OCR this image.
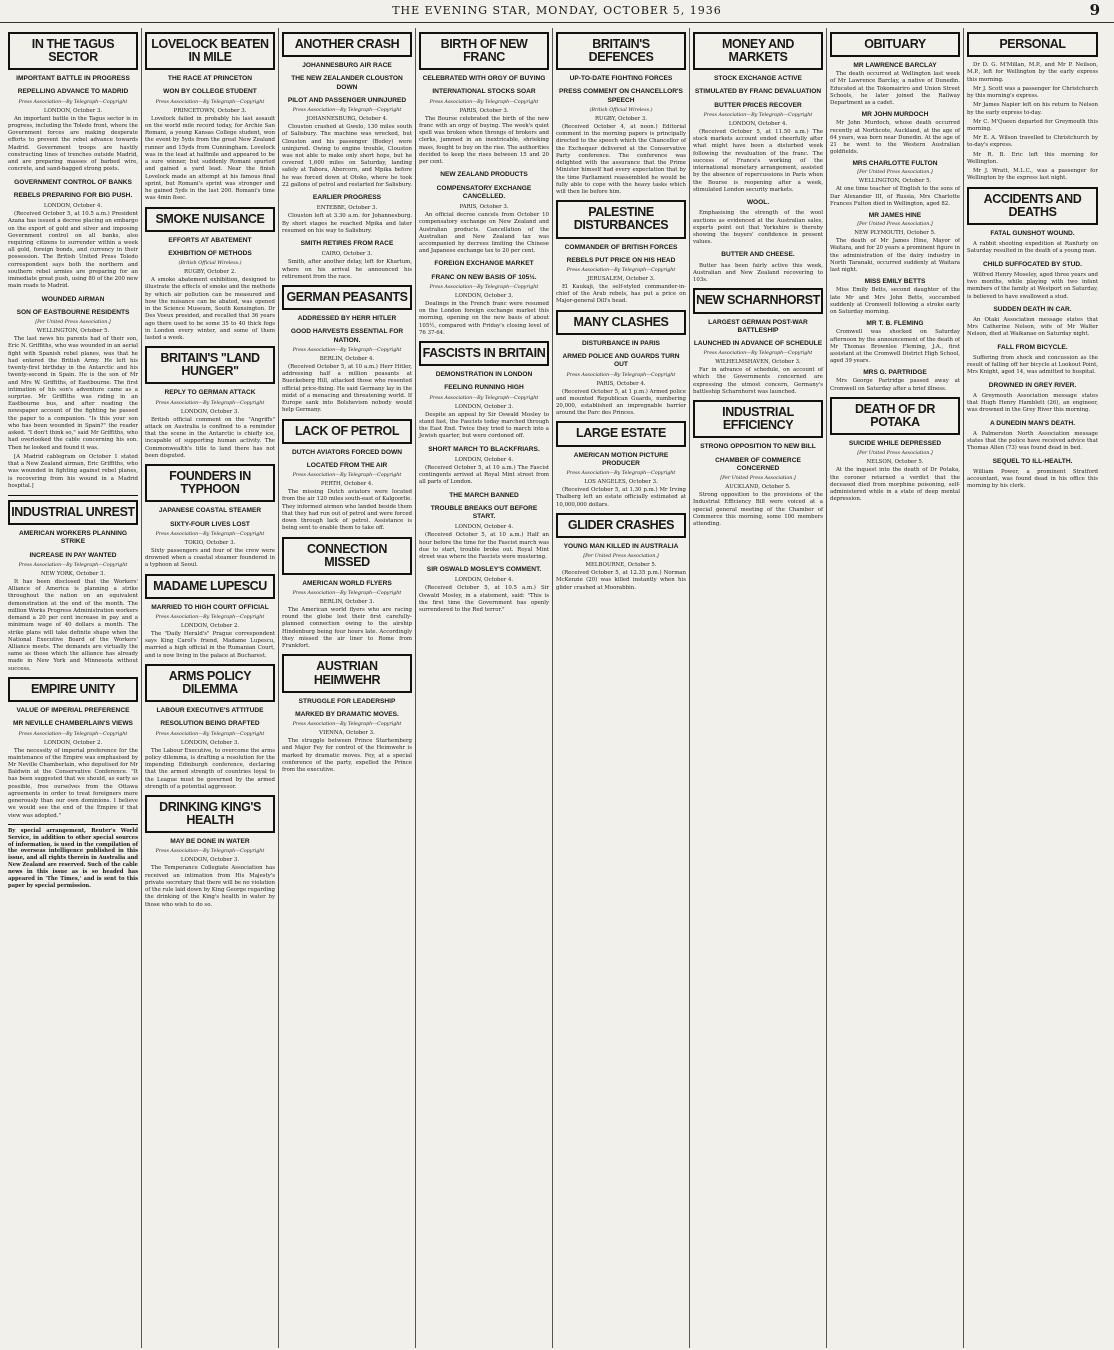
THE EVENING STAR, MONDAY, OCTOBER 5, 1936	9
IN THE TAGUS SECTOR
IMPORTANT BATTLE IN PROGRESS
REPELLING ADVANCE TO MADRID
Press Association—By Telegraph—Copyright
LONDON, October 3.

An important battle in the Tagus sector is in progress, including the Toledo front, where the Government forces are making desperate efforts to prevent the rebel advance towards Madrid. Government troops are hastily constructing lines of trenches outside Madrid, and are preparing masses of barbed wire, concrete, and sand-bagged strong posts.

GOVERNMENT CONTROL OF BANKS
REBELS PREPARING FOR BIG PUSH.
LONDON, October 4.

(Received October 5, at 10.5 a.m.) President Azana has issued a decree placing an embargo on the export of gold and silver and imposing Government control on all banks, also requiring citizens to surrender within a week all gold, foreign bonds, and currency in their possession. The British United Press Toledo correspondent says both the northern and southern rebel armies are preparing for an immediate great push, using 80 of the 200 new main roads to Madrid.

WOUNDED AIRMAN
SON OF EASTBOURNE RESIDENTS
[Per United Press Association.]
WELLINGTON, October 5.

The last news his parents had of their son, Eric N. Griffiths, who was wounded in an aerial fight with Spanish rebel planes, was that he had entered the British Army. He left his twenty-first birthday in the Antarctic and his twenty-second in Spain. He is the son of Mr and Mrs W. Griffiths, of Eastbourne. The first intimation of his son's adventure came as a surprise. Mr Griffiths was riding in an Eastbourne bus, and after reading the newspaper account of the fighting he passed the paper to a companion. "Is this your son who has been wounded in Spain?" the reader asked. "I don't think so," said Mr Griffiths, who had overlooked the cable concerning his son. Then he looked and found it was.

[A Madrid cablegram on October 1 stated that a New Zealand airman, Eric Griffiths, who was wounded in fighting against rebel planes, is recovering from his wound in a Madrid hospital.]

INDUSTRIAL UNREST
AMERICAN WORKERS PLANNING STRIKE
INCREASE IN PAY WANTED
Press Association—By Telegraph—Copyright
NEW YORK, October 3.

It has been disclosed that the Workers' Alliance of America is planning a strike throughout the nation on an equivalent demonstration at the end of the month. The million Works Progress Administration workers demand a 20 per cent increase in pay and a minimum wage of 40 dollars a month. The strike plans will take definite shape when the National Executive Board of the Workers' Alliance meets. The demands are virtually the same as those which the alliance has already made in New York and Minnesota without success.

EMPIRE UNITY
VALUE OF IMPERIAL PREFERENCE
MR NEVILLE CHAMBERLAIN'S VIEWS
Press Association—By Telegraph—Copyright
LONDON, October 2.

The necessity of imperial preference for the maintenance of the Empire was emphasised by Mr Neville Chamberlain, who deputised for Mr Baldwin at the Conservative Conference. "It has been suggested that we should, as early as possible, free ourselves from the Ottawa agreements in order to treat foreigners more generously than our own dominions. I believe we would see the end of the Empire if that view was adopted."

By special arrangement, Reuter's World Service, in addition to other special sources of information, is used in the compilation of the overseas intelligence published in this issue, and all rights therein in Australia and New Zealand are reserved. Such of the cable news in this issue as is so headed has appeared in 'The Times,' and is sent to this paper by special permission.
LOVELOCK BEATEN IN MILE
THE RACE AT PRINCETON
WON BY COLLEGE STUDENT
Press Association—By Telegraph—Copyright
PRINCETOWN, October 3.

Lovelock failed in probably his last assault on the world mile record today, for Archie San Romani, a young Kansas College student, won the event by 5yds from the great New Zealand runner and 15yds from Cunningham. Lovelock was in the lead at halfmile and appeared to be a sure winner, but suddenly Romani spurted and gained a yard lead. Near the finish Lovelock made an attempt at his famous final sprint, but Romani's sprint was stronger and he gained 5yds in the last 200. Romani's time was 4min 8sec.

SMOKE NUISANCE
EFFORTS AT ABATEMENT
EXHIBITION OF METHODS
(British Official Wireless.)
RUGBY, October 2.

A smoke abatement exhibition, designed to illustrate the effects of smoke and the methods by which air pollution can be measured and how the nuisance can be abated, was opened in the Science Museum, South Kensington. Dr Des Voeux presided, and recalled that 36 years ago there used to be some 35 to 40 thick fogs in London every winter, and some of them lasted a week.

BRITAIN'S "LAND HUNGER"
REPLY TO GERMAN ATTACK
Press Association—By Telegraph—Copyright
LONDON, October 3.

British official comment on the "Angriffs" attack on Australia is confined to a reminder that the scene in the Antarctic is chiefly ice, incapable of supporting human activity. The Commonwealth's title to land there has not been disputed.

FOUNDERS IN TYPHOON
JAPANESE COASTAL STEAMER
SIXTY-FOUR LIVES LOST
Press Association—By Telegraph—Copyright
TOKIO, October 3.

Sixty passengers and four of the crew were drowned when a coastal steamer foundered in a typhoon at Seoul.

MADAME LUPESCU
MARRIED TO HIGH COURT OFFICIAL
Press Association—By Telegraph—Copyright
LONDON, October 2.

The "Daily Herald's" Prague correspondent says King Carol's friend, Madame Lupescu, married a high official in the Rumanian Court, and is now living in the palace at Bucharest.

ARMS POLICY DILEMMA
LABOUR EXECUTIVE'S ATTITUDE
RESOLUTION BEING DRAFTED
Press Association—By Telegraph—Copyright
LONDON, October 3.

The Labour Executive, to overcome the arms policy dilemma, is drafting a resolution for the impending Edinburgh conference, declaring that the armed strength of countries loyal to the League must be governed by the armed strength of a potential aggressor.

DRINKING KING'S HEALTH
MAY BE DONE IN WATER
Press Association—By Telegraph—Copyright
LONDON, October 3.

The Temperance Collegiate Association has received an intimation from His Majesty's private secretary that there will be no violation of the rule laid down by King George regarding the drinking of the King's health in water by those who wish to do so.

ANOTHER CRASH
JOHANNESBURG AIR RACE
THE NEW ZEALANDER CLOUSTON DOWN
PILOT AND PASSENGER UNINJURED
Press Association—By Telegraph—Copyright
JOHANNESBURG, October 4.

Clouston crashed at Gwelo, 130 miles south of Salisbury. The machine was wrecked, but Clouston and his passenger (Bodey) were uninjured. Owing to engine trouble, Clouston was not able to make only short hops, but he covered 1,600 miles on Saturday, landing safely at Tabora, Abercorn, and Mpika before he was forced down at Otoko, where he took 22 gallons of petrol and restarted for Salisbury.

EARLIER PROGRESS
ENTEBBE, October 3.

Clouston left at 3.30 a.m. for Johannesburg. By short stages he reached Mpika and later resumed on his way to Salisbury.

SMITH RETIRES FROM RACE
CAIRO, October 3.

Smith, after another delay, left for Khartum, where on his arrival he announced his retirement from the race.

GERMAN PEASANTS
ADDRESSED BY HERR HITLER
GOOD HARVESTS ESSENTIAL FOR NATION.
Press Association—By Telegraph—Copyright
BERLIN, October 4.

(Received October 5, at 10 a.m.) Herr Hitler, addressing half a million peasants at Bueckeberg Hill, attacked those who resented official price-fixing. He said Germany lay in the midst of a menacing and threatening world. If Europe sank into Bolshevism nobody would help Germany.

LACK OF PETROL
DUTCH AVIATORS FORCED DOWN
LOCATED FROM THE AIR
Press Association—By Telegraph—Copyright
PERTH, October 4.

The missing Dutch aviators were located from the air 120 miles south-east of Kalgoorlie. They informed airmen who landed beside them that they had run out of petrol and were forced down through lack of petrol. Assistance is being sent to enable them to take off.

CONNECTION MISSED
AMERICAN WORLD FLYERS
Press Association—By Telegraph—Copyright
BERLIN, October 3.

The American world flyers who are racing round the globe lost their first carefully-planned connection owing to the airship Hindenburg being four hours late. Accordingly they missed the air liner to Rome from Frankfort.

AUSTRIAN HEIMWEHR
STRUGGLE FOR LEADERSHIP
MARKED BY DRAMATIC MOVES.
Press Association—By Telegraph—Copyright
VIENNA, October 3.

The struggle between Prince Starhemberg and Major Fey for control of the Heimwehr is marked by dramatic moves. Fey, at a special conference of the party, expelled the Prince from the executive.

BIRTH OF NEW FRANC
CELEBRATED WITH ORGY OF BUYING
INTERNATIONAL STOCKS SOAR
Press Association—By Telegraph—Copyright
PARIS, October 3.

The Bourse celebrated the birth of the new franc with an orgy of buying. The week's quiet spell was broken when throngs of brokers and clerks, jammed in an inextricable, shrieking mass, fought to buy on the rise. The authorities decided to keep the rises between 15 and 20 per cent.

NEW ZEALAND PRODUCTS
COMPENSATORY EXCHANGE CANCELLED.
PARIS, October 3.

An official decree cancels from October 10 compensatory exchange on New Zealand and Australian products. Cancellation of the Australian and New Zealand tax was accompanied by decrees limiting the Chinese and Japanese exchange tax to 20 per cent.

FOREIGN EXCHANGE MARKET
FRANC ON NEW BASIS OF 105½.
Press Association—By Telegraph—Copyright
LONDON, October 3.

Dealings in the French franc were resumed on the London foreign exchange market this morning, opening on the new basis of about 105½, compared with Friday's closing level of 76 37-64.

FASCISTS IN BRITAIN
DEMONSTRATION IN LONDON
FEELING RUNNING HIGH
Press Association—By Telegraph—Copyright
LONDON, October 3.

Despite an appeal by Sir Oswald Mosley to stand fast, the Fascists today marched through the East End. Twice they tried to march into a Jewish quarter, but were cordoned off.

SHORT MARCH TO BLACKFRIARS.
LONDON, October 4.

(Received October 5, at 10 a.m.) The Fascist contingents arrived at Royal Mint street from all parts of London.

THE MARCH BANNED
TROUBLE BREAKS OUT BEFORE START.
LONDON, October 4.

(Received October 5, at 10 a.m.) Half an hour before the time for the Fascist march was due to start, trouble broke out. Royal Mint street was where the Fascists were mustering.

SIR OSWALD MOSLEY'S COMMENT.
LONDON, October 4.

(Received October 5, at 10.5 a.m.) Sir Oswald Mosley, in a statement, said: "This is the first time the Government has openly surrendered to the Red terror."

BRITAIN'S DEFENCES
UP-TO-DATE FIGHTING FORCES
PRESS COMMENT ON CHANCELLOR'S SPEECH
(British Official Wireless.)
RUGBY, October 3.

(Received October 4, at noon.) Editorial comment in the morning papers is principally directed to the speech which the Chancellor of the Exchequer delivered at the Conservative Party conference. The conference was delighted with the assurance that the Prime Minister himself had every expectation that by the time Parliament reassembled he would be fully able to cope with the heavy tasks which will then lie before him.

PALESTINE DISTURBANCES
COMMANDER OF BRITISH FORCES
REBELS PUT PRICE ON HIS HEAD
Press Association—By Telegraph—Copyright
JERUSALEM, October 3.

El Kaukaji, the self-styled commander-in-chief of the Arab rebels, has put a price on Major-general Dill's head.

MANY CLASHES
DISTURBANCE IN PARIS
ARMED POLICE AND GUARDS TURN OUT
Press Association—By Telegraph—Copyright
PARIS, October 4.

(Received October 5, at 1 p.m.) Armed police and mounted Republican Guards, numbering 20,000, established an impregnable barrier around the Parc des Princes.

LARGE ESTATE
AMERICAN MOTION PICTURE PRODUCER
Press Association—By Telegraph—Copyright
LOS ANGELES, October 3.

(Received October 5, at 1.30 p.m.) Mr Irving Thalberg left an estate officially estimated at 10,000,000 dollars.

GLIDER CRASHES
YOUNG MAN KILLED IN AUSTRALIA
[Per United Press Association.]
MELBOURNE, October 5.

(Received October 5, at 12.35 p.m.) Norman McKenzie (20) was killed instantly when his glider crashed at Moorabbin.

MONEY AND MARKETS
STOCK EXCHANGE ACTIVE
STIMULATED BY FRANC DEVALUATION
BUTTER PRICES RECOVER
Press Association—By Telegraph—Copyright
LONDON, October 4.

(Received October 5, at 11.50 a.m.) The stock markets account ended cheerfully after what might have been a disturbed week following the revaluation of the franc. The success of France's working of the international monetary arrangement, assisted by the absence of repercussions in Paris when the Bourse is reopening after a week, stimulated London security markets.

WOOL.

Emphasising the strength of the wool auctions as evidenced at the Australian sales, experts point out that Yorkshire is thereby showing the buyers' confidence in present values.

BUTTER AND CHEESE.

Butter has been fairly active this week, Australian and New Zealand recovering to 103s.

NEW SCHARNHORST
LARGEST GERMAN POST-WAR BATTLESHIP
LAUNCHED IN ADVANCE OF SCHEDULE
Press Association—By Telegraph—Copyright
WILHELMSHAVEN, October 3.

Far in advance of schedule, on account of which the Governments concerned are expressing the utmost concern, Germany's battleship Scharnhorst was launched.

INDUSTRIAL EFFICIENCY
STRONG OPPOSITION TO NEW BILL
CHAMBER OF COMMERCE CONCERNED
[Per United Press Association.]
AUCKLAND, October 5.

Strong opposition to the provisions of the Industrial Efficiency Bill were voiced at a special general meeting of the Chamber of Commerce this morning, some 100 members attending.

OBITUARY
MR LAWRENCE BARCLAY

The death occurred at Wellington last week of Mr Lawrence Barclay, a native of Dunedin. Educated at the Tokomairiro and Union Street Schools, he later joined the Railway Department as a cadet.

MR JOHN MURDOCH

Mr John Murdoch, whose death occurred recently at Northcote, Auckland, at the age of 64 years, was born near Dunedin. At the age of 21 he went to the Western Australian goldfields.

MRS CHARLOTTE FULTON
[Per United Press Association.]
WELLINGTON, October 5.

At one time teacher of English to the sons of Dar Alexander III, of Russia, Mrs Charlotte Frances Fulton died in Wellington, aged 82.

MR JAMES HINE
[Per United Press Association.]
NEW PLYMOUTH, October 5.

The death of Mr James Hine, Mayor of Waitara, and for 20 years a prominent figure in the administration of the dairy industry in North Taranaki, occurred suddenly at Waitara last night.

MISS EMILY BETTS

Miss Emily Betts, second daughter of the late Mr and Mrs John Betts, succumbed suddenly at Cromwell following a stroke early on Saturday morning.

MR T. B. FLEMING

Cromwell was shocked on Saturday afternoon by the announcement of the death of Mr Thomas Brownlee Fleming, J.A., first assistant at the Cromwell District High School, aged 39 years.

MRS G. PARTRIDGE

Mrs George Partridge passed away at Cromwell on Saturday after a brief illness.

DEATH OF DR POTAKA
SUICIDE WHILE DEPRESSED
[Per United Press Association.]
NELSON, October 5.

At the inquest into the death of Dr Potaka, the coroner returned a verdict that the deceased died from morphine poisoning, self-administered while in a state of deep mental depression.

PERSONAL

Dr D. G. M'Millan, M.P., and Mr P. Neilson, M.P., left for Wellington by the early express this morning.

Mr J. Scott was a passenger for Christchurch by this morning's express.

Mr James Napier left on his return to Nelson by the early express to-day.

Mr C. M'Queen departed for Greymouth this morning.

Mr E. A. Wilson travelled to Christchurch by to-day's express.

Mr R. B. Eric left this morning for Wellington.

Mr J. Wratt, M.L.C., was a passenger for Wellington by the express last night.

ACCIDENTS AND DEATHS
FATAL GUNSHOT WOUND.

A rabbit shooting expedition at Ranfurly on Saturday resulted in the death of a young man.

CHILD SUFFOCATED BY STUD.

Wilfred Henry Moseley, aged three years and two months, while playing with two infant members of the family at Westport on Saturday, is believed to have swallowed a stud.

SUDDEN DEATH IN CAR.

An Otaki Association message states that Mrs Catherine Nelson, wife of Mr Walter Nelson, died at Waikanae on Saturday night.

FALL FROM BICYCLE.

Suffering from shock and concussion as the result of falling off her bicycle at Lookout Point, Mrs Knight, aged 14, was admitted to hospital.

DROWNED IN GREY RIVER.

A Greymouth Association message states that Hugh Henry Hamblett (26), an engineer, was drowned in the Grey River this morning.

A DUNEDIN MAN'S DEATH.

A Palmerston North Association message states that the police have received advice that Thomas Allen (73) was found dead in bed.

SEQUEL TO ILL-HEALTH.

William Power, a prominent Stratford accountant, was found dead in his office this morning by his clerk.
